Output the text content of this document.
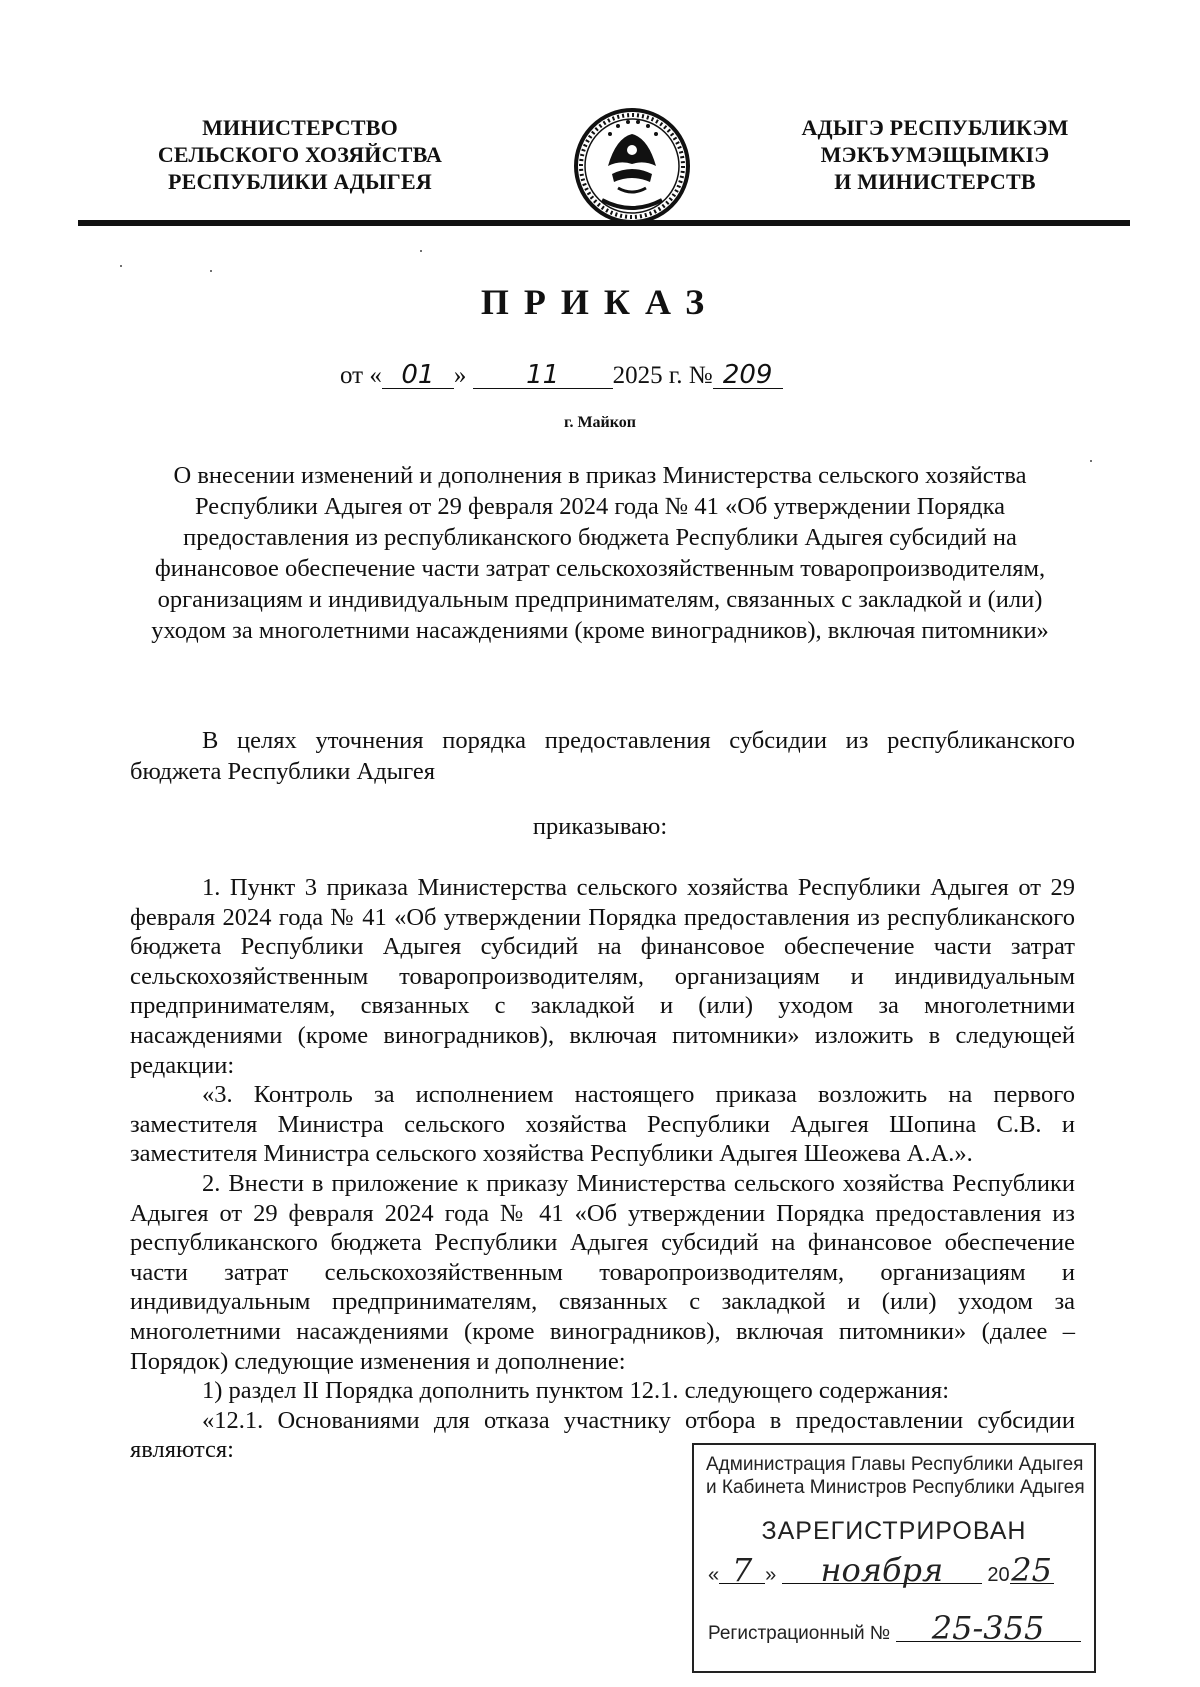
МИНИСТЕРСТВО
СЕЛЬСКОГО ХОЗЯЙСТВА
РЕСПУБЛИКИ АДЫГЕЯ
АДЫГЭ РЕСПУБЛИКЭМ
МЭКЪУМЭЩЫМКIЭ
И МИНИСТЕРСТВ
ПРИКАЗ
от « 01 » 11 2025 г. № 209
г. Майкоп
О внесении изменений и дополнения в приказ Министерства сельского хозяйства Республики Адыгея от 29 февраля 2024 года № 41 «Об утверждении Порядка предоставления из республиканского бюджета Республики Адыгея субсидий на финансовое обеспечение части затрат сельскохозяйственным товаропроизводителям, организациям и индивидуальным предпринимателям, связанных с закладкой и (или) уходом за многолетними насаждениями (кроме виноградников), включая питомники»
В целях уточнения порядка предоставления субсидии из республиканского бюджета Республики Адыгея
приказываю:

1. Пункт 3 приказа Министерства сельского хозяйства Республики Адыгея от 29 февраля 2024 года № 41 «Об утверждении Порядка предоставления из республиканского бюджета Республики Адыгея субсидий на финансовое обеспечение части затрат сельскохозяйственным товаропроизводителям, организациям и индивидуальным предпринимателям, связанных с закладкой и (или) уходом за многолетними насаждениями (кроме виноградников), включая питомники» изложить в следующей редакции:

«3. Контроль за исполнением настоящего приказа возложить на первого заместителя Министра сельского хозяйства Республики Адыгея Шопина С.В. и заместителя Министра сельского хозяйства Республики Адыгея Шеожева А.А.».

2. Внести в приложение к приказу Министерства сельского хозяйства Республики Адыгея от 29 февраля 2024 года № 41 «Об утверждении Порядка предоставления из республиканского бюджета Республики Адыгея субсидий на финансовое обеспечение части затрат сельскохозяйственным товаропроизводителям, организациям и индивидуальным предпринимателям, связанных с закладкой и (или) уходом за многолетними насаждениями (кроме виноградников), включая питомники» (далее – Порядок) следующие изменения и дополнение:

1) раздел II Порядка дополнить пунктом 12.1. следующего содержания:

«12.1. Основаниями для отказа участнику отбора в предоставлении субсидии являются:

Администрация Главы Республики Адыгея
и Кабинета Министров Республики Адыгея
ЗАРЕГИСТРИРОВАН
« 7 » ноября 2025
Регистрационный № 25-355
